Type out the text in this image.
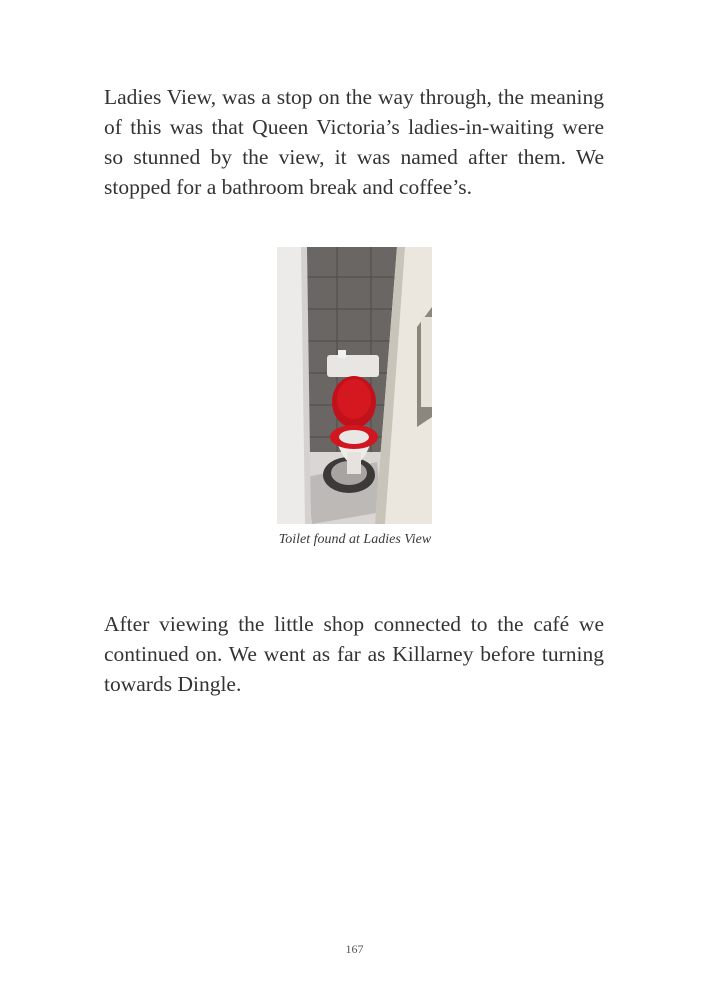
Ladies View, was a stop on the way through, the meaning of this was that Queen Victoria’s ladies-in-waiting were so stunned by the view, it was named after them. We stopped for a bathroom break and coffee’s.

Toilet found at Ladies View

After viewing the little shop connected to the café we continued on. We went as far as Killarney before turning towards Dingle.

167
